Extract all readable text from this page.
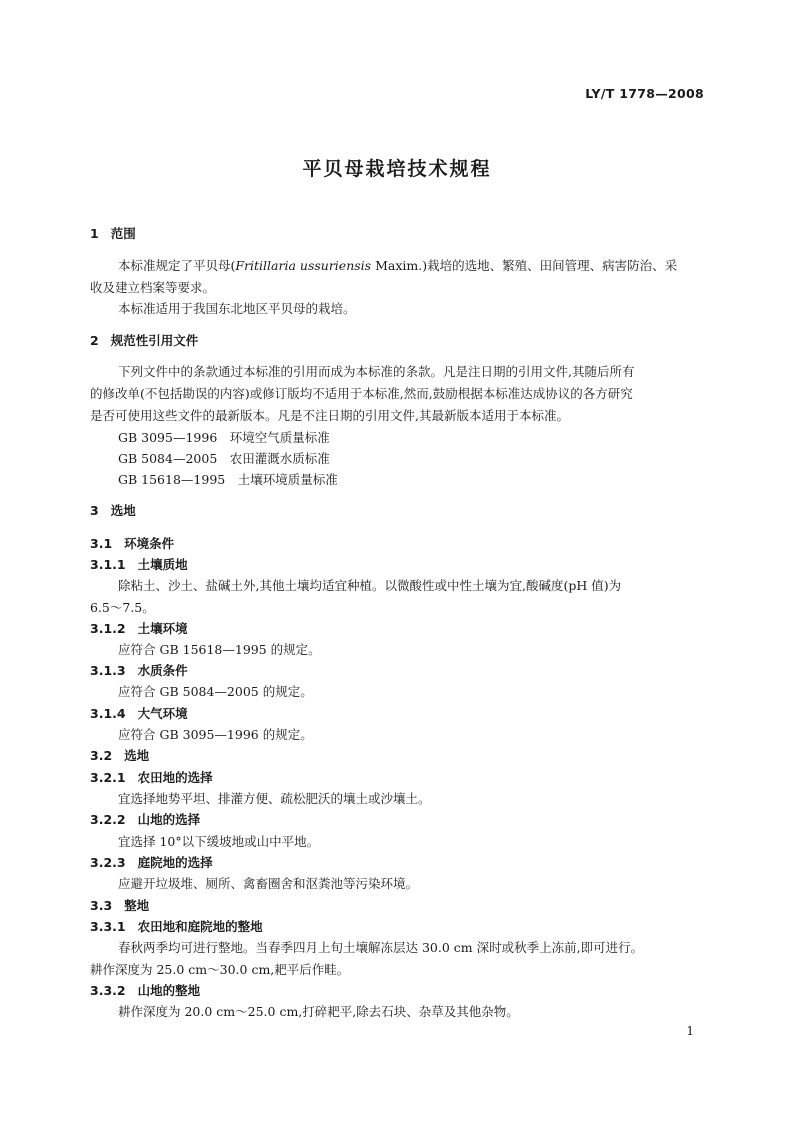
LY/T 1778—2008
平贝母栽培技术规程
1 范围
本标准规定了平贝母(Fritillaria ussuriensis Maxim.)栽培的选地、繁殖、田间管理、病害防治、采
收及建立档案等要求。
本标准适用于我国东北地区平贝母的栽培。
2 规范性引用文件
下列文件中的条款通过本标准的引用而成为本标准的条款。凡是注日期的引用文件,其随后所有
的修改单(不包括勘误的内容)或修订版均不适用于本标准,然而,鼓励根据本标准达成协议的各方研究
是否可使用这些文件的最新版本。凡是不注日期的引用文件,其最新版本适用于本标准。
GB 3095—1996　环境空气质量标准
GB 5084—2005　农田灌溉水质标准
GB 15618—1995　土壤环境质量标准
3 选地
3.1 环境条件
3.1.1 土壤质地
除粘土、沙土、盐碱土外,其他土壤均适宜种植。以微酸性或中性土壤为宜,酸碱度(pH 值)为
6.5～7.5。
3.1.2 土壤环境
应符合 GB 15618—1995 的规定。
3.1.3 水质条件
应符合 GB 5084—2005 的规定。
3.1.4 大气环境
应符合 GB 3095—1996 的规定。
3.2 选地
3.2.1 农田地的选择
宜选择地势平坦、排灌方便、疏松肥沃的壤土或沙壤土。
3.2.2 山地的选择
宜选择 10°以下缓坡地或山中平地。
3.2.3 庭院地的选择
应避开垃圾堆、厕所、禽畜圈舍和沤粪池等污染环境。
3.3 整地
3.3.1 农田地和庭院地的整地
春秋两季均可进行整地。当春季四月上旬土壤解冻层达 30.0 cm 深时或秋季上冻前,即可进行。
耕作深度为 25.0 cm～30.0 cm,耙平后作畦。
3.3.2 山地的整地
耕作深度为 20.0 cm～25.0 cm,打碎耙平,除去石块、杂草及其他杂物。
1
